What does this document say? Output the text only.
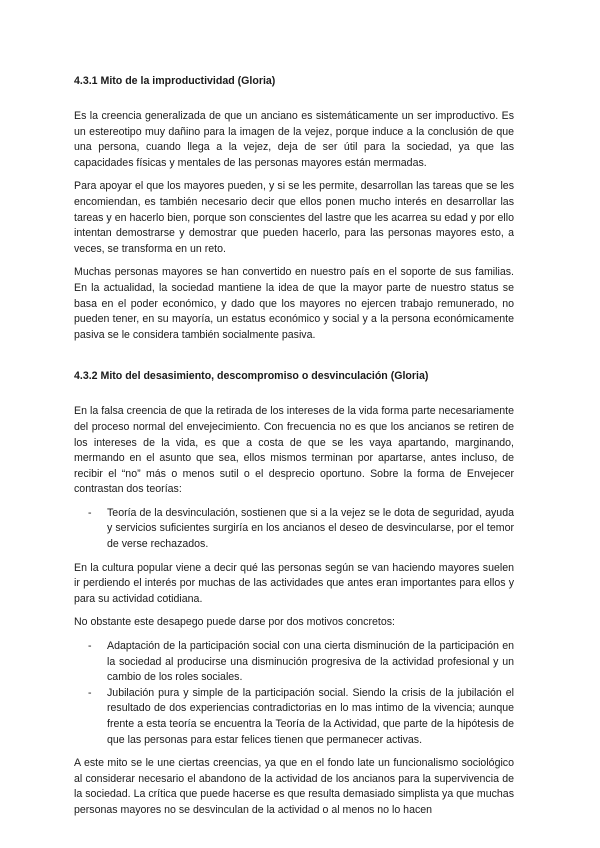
4.3.1 Mito de la improductividad (Gloria)

Es la creencia generalizada de que un anciano es sistemáticamente un ser improductivo. Es un estereotipo muy dañino para la imagen de la vejez, porque induce a la conclusión de que una persona, cuando llega a la vejez, deja de ser útil para la sociedad, ya que las capacidades físicas y mentales de las personas mayores están mermadas.

Para apoyar el que los mayores pueden, y si se les permite, desarrollan las tareas que se les encomiendan, es también necesario decir que ellos ponen mucho interés en desarrollar las tareas y en hacerlo bien, porque son conscientes del lastre que les acarrea su edad y por ello intentan demostrarse y demostrar que pueden hacerlo, para las personas mayores esto, a veces, se transforma en un reto.

Muchas personas mayores se han convertido en nuestro país en el soporte de sus familias. En la actualidad, la sociedad mantiene la idea de que la mayor parte de nuestro status se basa en el poder económico, y dado que los mayores no ejercen trabajo remunerado, no pueden tener, en su mayoría, un estatus económico y social y a la persona económicamente pasiva se le considera también socialmente pasiva.

4.3.2 Mito del desasimiento, descompromiso o desvinculación (Gloria)

En la falsa creencia de que la retirada de los intereses de la vida forma parte necesariamente del proceso normal del envejecimiento. Con frecuencia no es que los ancianos se retiren de los intereses de la vida, es que a costa de que se les vaya apartando, marginando, mermando en el asunto que sea, ellos mismos terminan por apartarse, antes incluso, de recibir el “no” más o menos sutil o el desprecio oportuno. Sobre la forma de Envejecer contrastan dos teorías:

- Teoría de la desvinculación, sostienen que si a la vejez se le dota de seguridad, ayuda y servicios suficientes surgiría en los ancianos el deseo de desvincularse, por el temor de verse rechazados.

En la cultura popular viene a decir qué las personas según se van haciendo mayores suelen ir perdiendo el interés por muchas de las actividades que antes eran importantes para ellos y para su actividad cotidiana.

No obstante este desapego puede darse por dos motivos concretos:

- Adaptación de la participación social con una cierta disminución de la participación en la sociedad al producirse una disminución progresiva de la actividad profesional y un cambio de los roles sociales.
- Jubilación pura y simple de la participación social. Siendo la crisis de la jubilación el resultado de dos experiencias contradictorias en lo mas intimo de la vivencia; aunque frente a esta teoría se encuentra la Teoría de la Actividad, que parte de la hipótesis de que las personas para estar felices tienen que permanecer activas.

A este mito se le une ciertas creencias, ya que en el fondo late un funcionalismo sociológico al considerar necesario el abandono de la actividad de los ancianos para la supervivencia de la sociedad. La crítica que puede hacerse es que resulta demasiado simplista ya que muchas personas mayores no se desvinculan de la actividad o al menos no lo hacen
